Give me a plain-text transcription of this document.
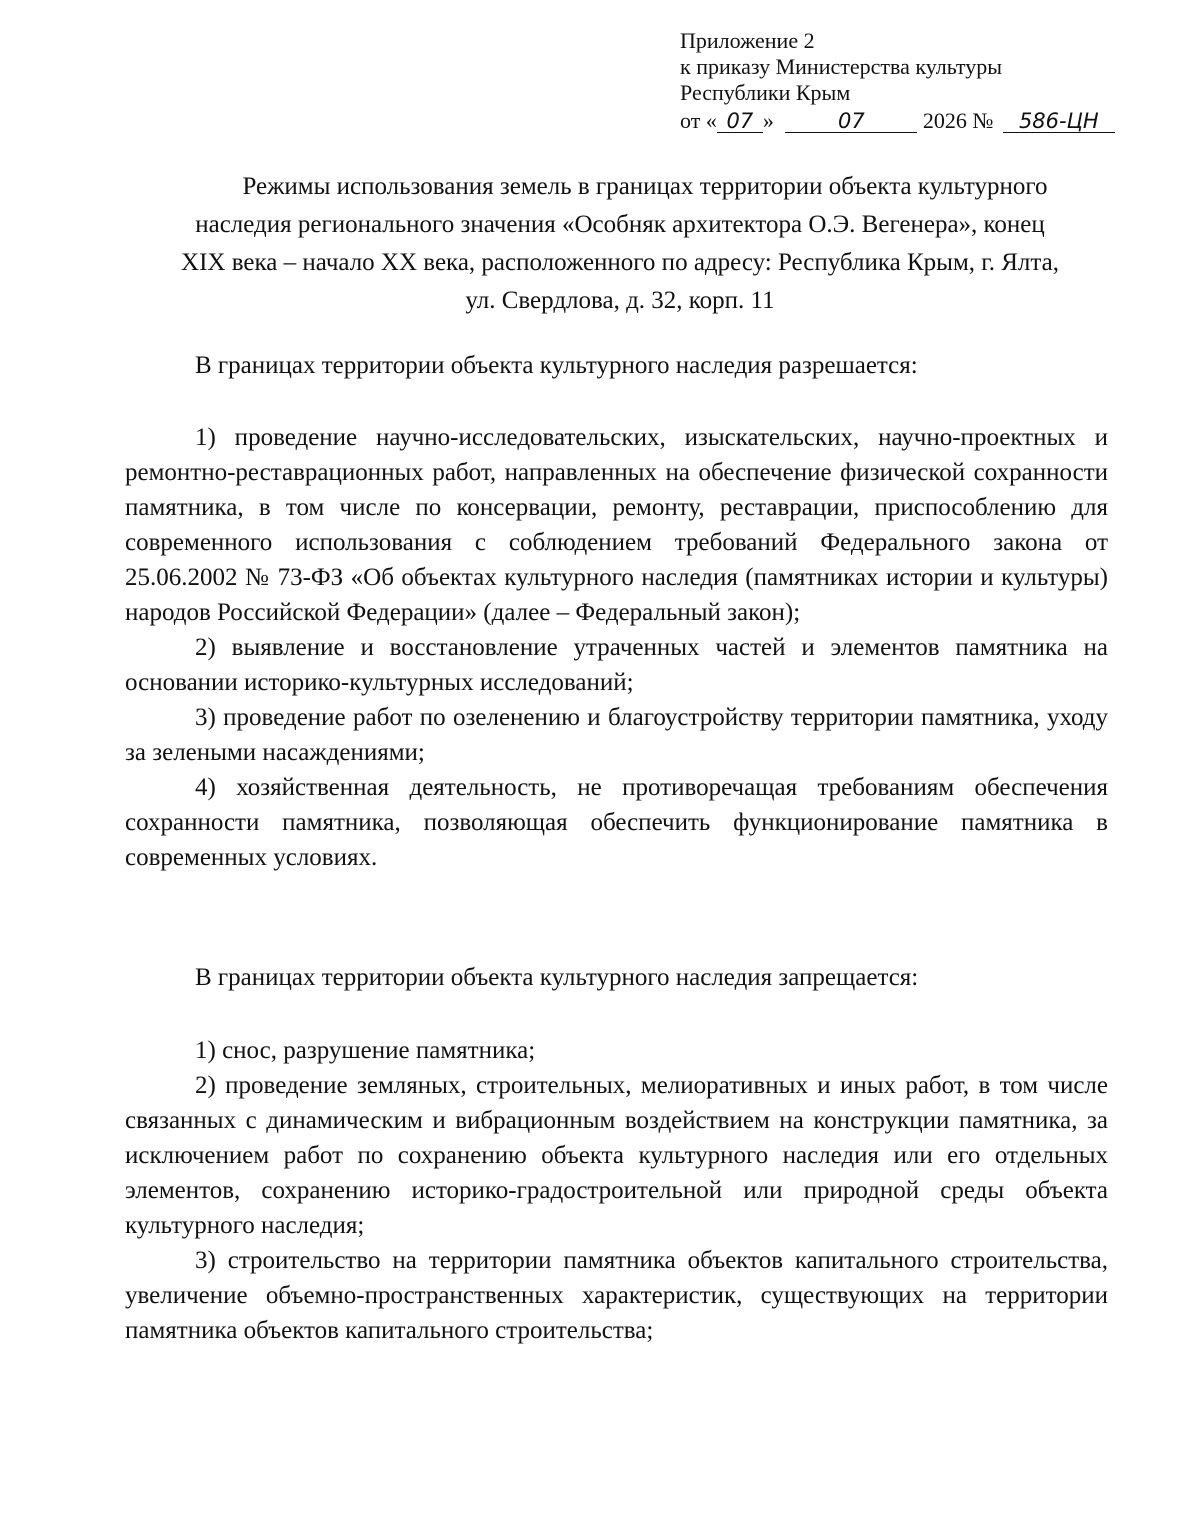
Приложение 2
к приказу Министерства культуры
Республики Крым
от « 07 »	07	2026 № 586-ЦН
Режимы использования земель в границах территории объекта культурного
наследия регионального значения «Особняк архитектора О.Э. Вегенера», конец
XIX века – начало XX века, расположенного по адресу: Республика Крым, г. Ялта,
ул. Свердлова, д. 32, корп. 11
В границах территории объекта культурного наследия разрешается:

1) проведение научно-исследовательских, изыскательских, научно-проектных и ремонтно-реставрационных работ, направленных на обеспечение физической сохранности памятника, в том числе по консервации, ремонту, реставрации, приспособлению для современного использования с соблюдением требований Федерального закона от 25.06.2002 № 73-ФЗ «Об объектах культурного наследия (памятниках истории и культуры) народов Российской Федерации» (далее – Федеральный закон);

2) выявление и восстановление утраченных частей и элементов памятника на основании историко-культурных исследований;

3) проведение работ по озеленению и благоустройству территории памятника, уходу за зелеными насаждениями;

4) хозяйственная деятельность, не противоречащая требованиям обеспечения сохранности памятника, позволяющая обеспечить функционирование памятника в современных условиях.

В границах территории объекта культурного наследия запрещается:

1) снос, разрушение памятника;

2) проведение земляных, строительных, мелиоративных и иных работ, в том числе связанных с динамическим и вибрационным воздействием на конструкции памятника, за исключением работ по сохранению объекта культурного наследия или его отдельных элементов, сохранению историко-градостроительной или природной среды объекта культурного наследия;

3) строительство на территории памятника объектов капитального строительства, увеличение объемно-пространственных характеристик, существующих на территории памятника объектов капитального строительства;
